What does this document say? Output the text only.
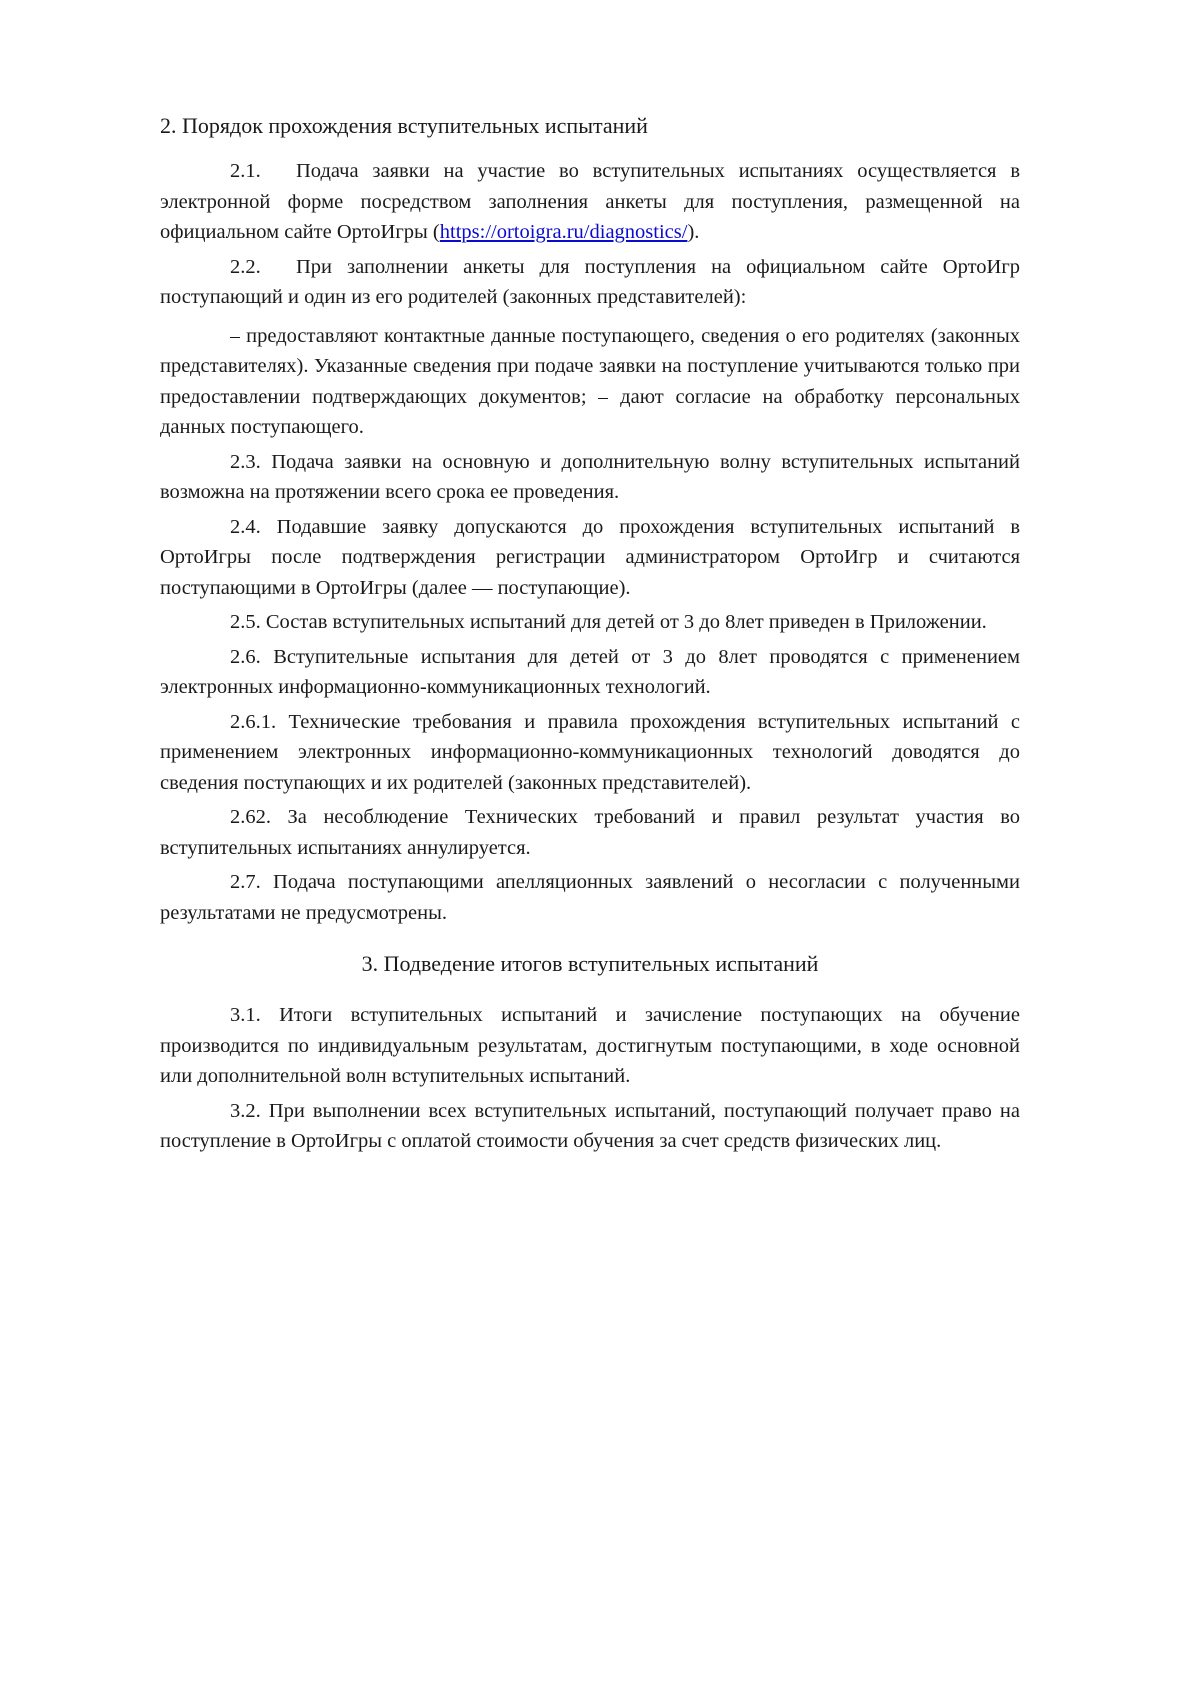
2. Порядок прохождения вступительных испытаний

2.1. Подача заявки на участие во вступительных испытаниях осуществляется в электронной форме посредством заполнения анкеты для поступления, размещенной на официальном сайте ОртоИгры (https://ortoigra.ru/diagnostics/).

2.2. При заполнении анкеты для поступления на официальном сайте ОртоИгр поступающий и один из его родителей (законных представителей):

предоставляют контактные данные поступающего, сведения о его родителях (законных представителях). Указанные сведения при подаче заявки на поступление учитываются только при предоставлении подтверждающих документов; дают согласие на обработку персональных данных поступающего.

2.3. Подача заявки на основную и дополнительную волну вступительных испытаний возможна на протяжении всего срока ее проведения.

2.4. Подавшие заявку допускаются до прохождения вступительных испытаний в ОртоИгры после подтверждения регистрации администратором ОртоИгр и считаются поступающими в ОртоИгры (далее — поступающие).

2.5. Состав вступительных испытаний для детей от 3 до 8лет приведен в Приложении.

2.6. Вступительные испытания для детей от 3 до 8лет проводятся с применением электронных информационно-коммуникационных технологий.

2.6.1. Технические требования и правила прохождения вступительных испытаний с применением электронных информационно-коммуникационных технологий доводятся до сведения поступающих и их родителей (законных представителей).

2.62. За несоблюдение Технических требований и правил результат участия во вступительных испытаниях аннулируется.

2.7. Подача поступающими апелляционных заявлений о несогласии с полученными результатами не предусмотрены.

3. Подведение итогов вступительных испытаний

3.1. Итоги вступительных испытаний и зачисление поступающих на обучение производится по индивидуальным результатам, достигнутым поступающими, в ходе основной или дополнительной волн вступительных испытаний.

3.2. При выполнении всех вступительных испытаний, поступающий получает право на поступление в ОртоИгры с оплатой стоимости обучения за счет средств физических лиц.
